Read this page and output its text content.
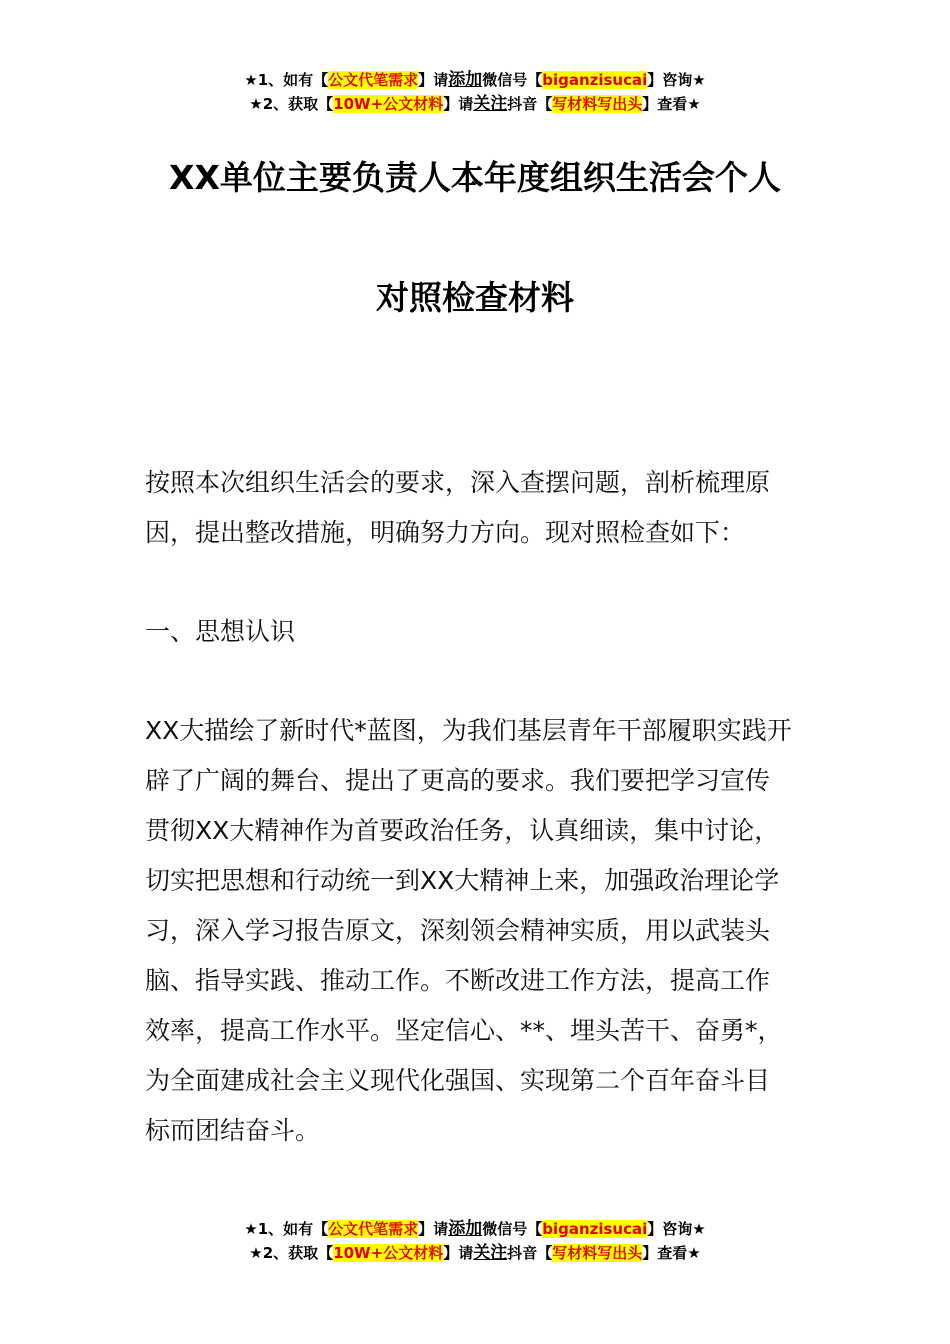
★1、如有【公文代笔需求】请添加微信号【biganzisucai】咨询★
★2、获取【10W+公文材料】请关注抖音【写材料写出头】查看★
XX单位主要负责人本年度组织生活会个人
对照检查材料
按照本次组织生活会的要求，深入查摆问题，剖析梳理原
因，提出整改措施，明确努力方向。现对照检查如下：
一、思想认识
XX大描绘了新时代*蓝图，为我们基层青年干部履职实践开
辟了广阔的舞台、提出了更高的要求。我们要把学习宣传
贯彻XX大精神作为首要政治任务，认真细读，集中讨论，
切实把思想和行动统一到XX大精神上来，加强政治理论学
习，深入学习报告原文，深刻领会精神实质，用以武装头
脑、指导实践、推动工作。不断改进工作方法，提高工作
效率，提高工作水平。坚定信心、**、埋头苦干、奋勇*，
为全面建成社会主义现代化强国、实现第二个百年奋斗目
标而团结奋斗。
★1、如有【公文代笔需求】请添加微信号【biganzisucai】咨询★
★2、获取【10W+公文材料】请关注抖音【写材料写出头】查看★
